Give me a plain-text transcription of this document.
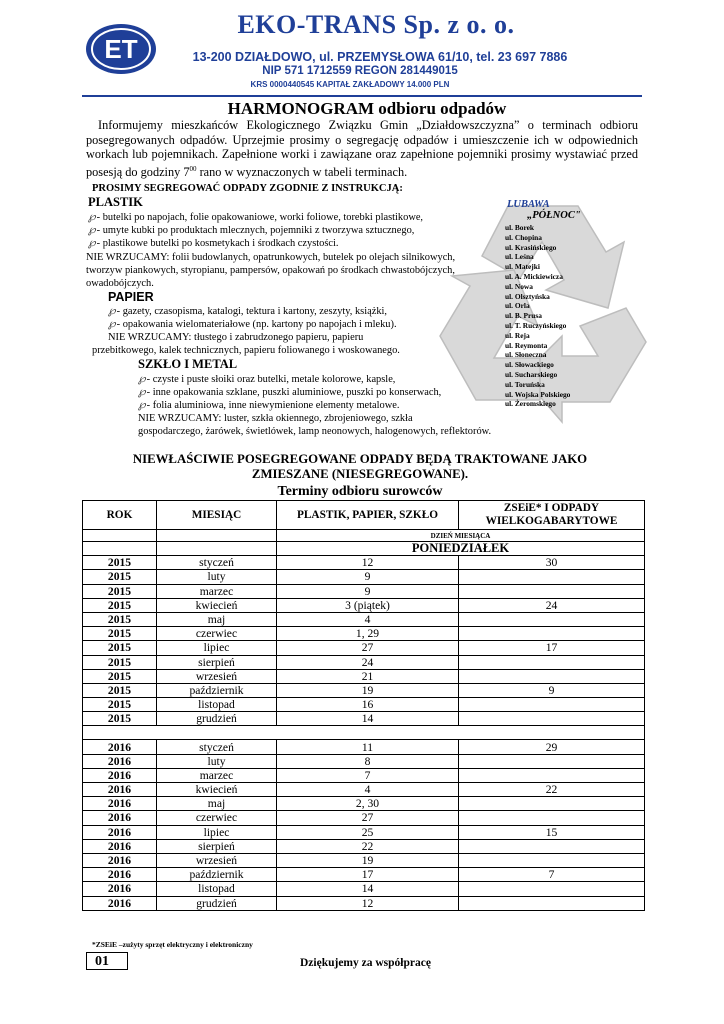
ET
EKO-TRANS Sp. z o. o.
13-200 DZIAŁDOWO, ul. PRZEMYSŁOWA 61/10, tel. 23 697 7886
NIP 571 1712559 REGON 281449015
KRS 0000440545 KAPITAŁ ZAKŁADOWY 14.000 PLN
HARMONOGRAM odbioru odpadów
Informujemy mieszkańców Ekologicznego Związku Gmin „Działdowszczyzna” o terminach odbioru posegregowanych odpadów. Uprzejmie prosimy o segregację odpadów i umieszczenie ich w odpowiednich workach lub pojemnikach. Zapełnione worki i zawiązane oraz zapełnione pojemniki prosimy wystawiać przed posesją do godziny $7^{00}$ rano w wyznaczonych w tabeli terminach.
PROSIMY SEGREGOWAĆ ODPADY ZGODNIE Z INSTRUKCJĄ:
PLASTIK
℘- butelki po napojach, folie opakowaniowe, worki foliowe, torebki plastikowe,
℘- umyte kubki po produktach mlecznych, pojemniki z tworzywa sztucznego,
℘- plastikowe butelki po kosmetykach i środkach czystości.
NIE WRZUCAMY: folii budowlanych, opatrunkowych, butelek po olejach silnikowych, tworzyw piankowych, styropianu, pampersów, opakowań po środkach chwastobójczych, owadobójczych.
PAPIER
℘- gazety, czasopisma, katalogi, tektura i kartony, zeszyty, książki,
℘- opakowania wielomateriałowe (np. kartony po napojach i mleku).
NIE WRZUCAMY: tłustego i zabrudzonego papieru, papieru
przebitkowego, kalek technicznych, papieru foliowanego i woskowanego.
SZKŁO I METAL
℘- czyste i puste słoiki oraz butelki, metale kolorowe, kapsle,
℘- inne opakowania szklane, puszki aluminiowe, puszki po konserwach,
℘- folia aluminiowa, inne niewymienione elementy metalowe.
NIE WRZUCAMY: luster, szkła okiennego, zbrojeniowego, szkła
gospodarczego, żarówek, świetlówek, lamp neonowych, halogenowych, reflektorów.
LUBAWA
„PÓŁNOC"
ul. Borek
ul. Chopina
ul. Krasińskiego
ul. Leśna
ul. Matejki
ul. A. Mickiewicza
ul. Nowa
ul. Olsztyńska
ul. Orla
ul. B. Prusa
ul. T. Ruczyńskiego
ul. Reja
ul. Reymonta
ul. Słoneczna
ul. Słowackiego
ul. Sucharskiego
ul. Toruńska
ul. Wojska Polskiego
ul. Żeromskiego
NIEWŁAŚCIWIE POSEGREGOWANE ODPADY BĘDĄ TRAKTOWANE JAKO
ZMIESZANE (NIESEGREGOWANE).
Terminy odbioru surowców
ROK	MIESIĄC	PLASTIK, PAPIER, SZKŁO	ZSEiE* I ODPADY WIELKOGABARYTOWE
		DZIEŃ MIESIĄCA	
		PONIEDZIAŁEK	
2015	styczeń	12	30
2015	luty	9	
2015	marzec	9	
2015	kwiecień	3 (piątek)	24
2015	maj	4	
2015	czerwiec	1, 29	
2015	lipiec	27	17
2015	sierpień	24	
2015	wrzesień	21	
2015	październik	19	9
2015	listopad	16	
2015	grudzień	14	

2016	styczeń	11	29
2016	luty	8	
2016	marzec	7	
2016	kwiecień	4	22
2016	maj	2, 30	
2016	czerwiec	27	
2016	lipiec	25	15
2016	sierpień	22	
2016	wrzesień	19	
2016	październik	17	7
2016	listopad	14	
2016	grudzień	12	
*ZSEiE –zużyty sprzęt elektryczny i elektroniczny
01	Dziękujemy za współpracę
